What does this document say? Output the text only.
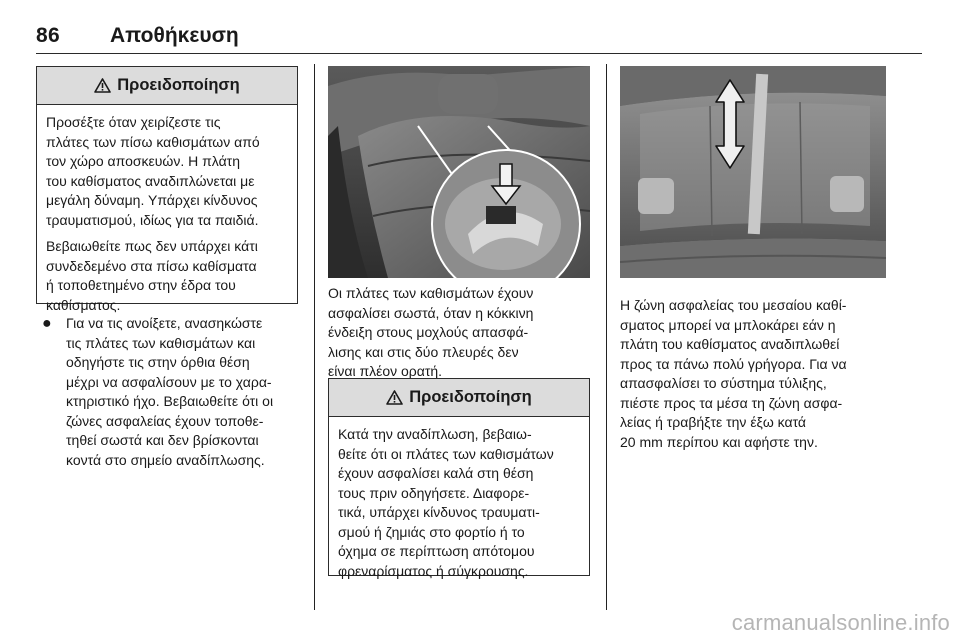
86 Αποθήκευση
Προειδοποίηση

Προσέξτε όταν χειρίζεστε τις
πλάτες των πίσω καθισμάτων από
τον χώρο αποσκευών. Η πλάτη
του καθίσματος αναδιπλώνεται με
μεγάλη δύναμη. Υπάρχει κίνδυνος
τραυματισμού, ιδίως για τα παιδιά.

Βεβαιωθείτε πως δεν υπάρχει κάτι
συνδεδεμένο στα πίσω καθίσματα
ή τοποθετημένο στην έδρα του
καθίσματος.

● Για να τις ανοίξετε, ανασηκώστε
τις πλάτες των καθισμάτων και
οδηγήστε τις στην όρθια θέση
μέχρι να ασφαλίσουν με το χαρα-
κτηριστικό ήχο. Βεβαιωθείτε ότι οι
ζώνες ασφαλείας έχουν τοποθε-
τηθεί σωστά και δεν βρίσκονται
κοντά στο σημείο αναδίπλωσης.

Οι πλάτες των καθισμάτων έχουν
ασφαλίσει σωστά, όταν η κόκκινη
ένδειξη στους μοχλούς απασφά-
λισης και στις δύο πλευρές δεν
είναι πλέον ορατή.
Προειδοποίηση

Κατά την αναδίπλωση, βεβαιω-
θείτε ότι οι πλάτες των καθισμάτων
έχουν ασφαλίσει καλά στη θέση
τους πριν οδηγήσετε. Διαφορε-
τικά, υπάρχει κίνδυνος τραυματι-
σμού ή ζημιάς στο φορτίο ή το
όχημα σε περίπτωση απότομου
φρεναρίσματος ή σύγκρουσης.

Η ζώνη ασφαλείας του μεσαίου καθί-
σματος μπορεί να μπλοκάρει εάν η
πλάτη του καθίσματος αναδιπλωθεί
προς τα πάνω πολύ γρήγορα. Για να
απασφαλίσει το σύστημα τύλιξης,
πιέστε προς τα μέσα τη ζώνη ασφα-
λείας ή τραβήξτε την έξω κατά
20 mm περίπου και αφήστε την.
carmanualsonline.info
